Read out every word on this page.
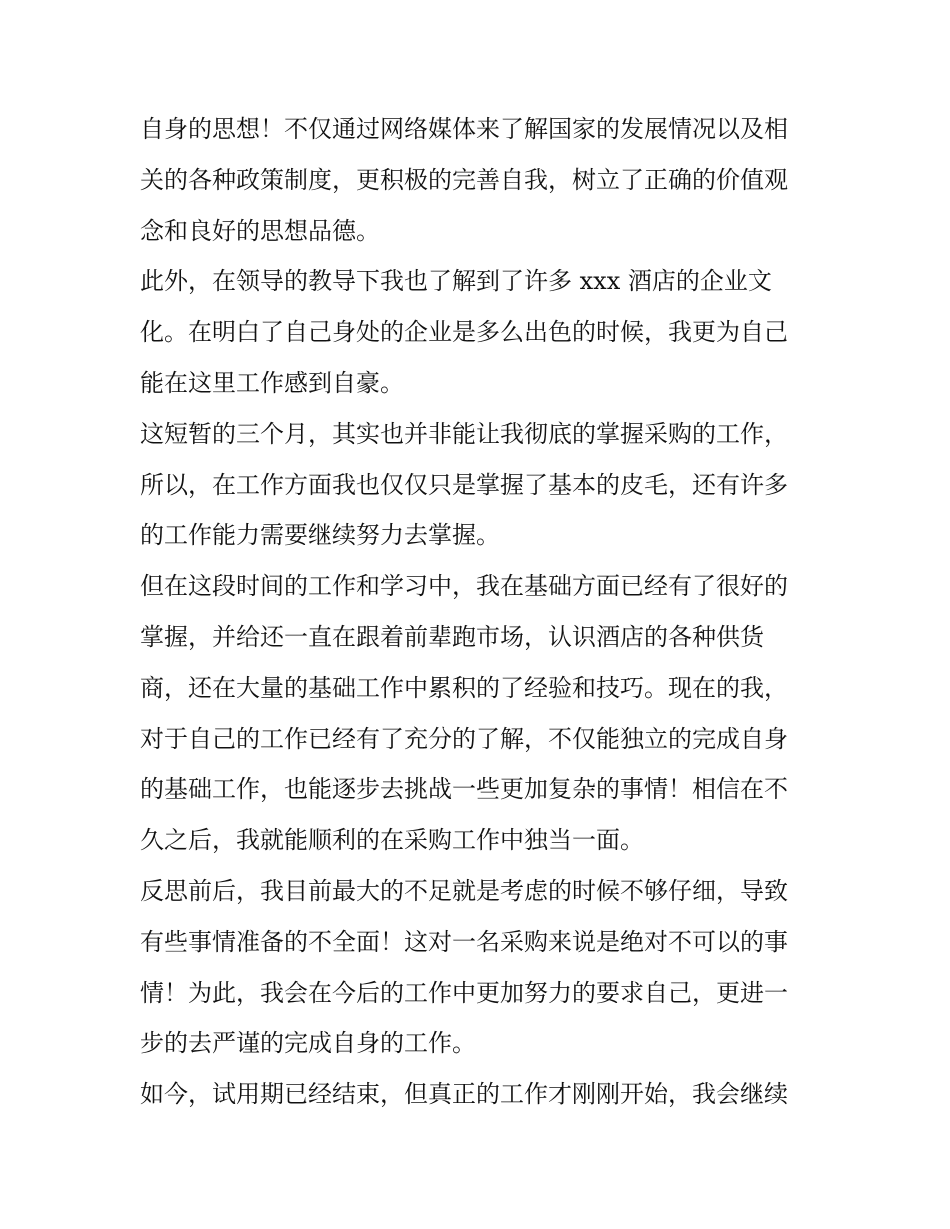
自身的思想！不仅通过网络媒体来了解国家的发展情况以及相
关的各种政策制度，更积极的完善自我，树立了正确的价值观
念和良好的思想品德。
此外，在领导的教导下我也了解到了许多 xxx 酒店的企业文
化。在明白了自己身处的企业是多么出色的时候，我更为自己
能在这里工作感到自豪。
这短暂的三个月，其实也并非能让我彻底的掌握采购的工作，
所以，在工作方面我也仅仅只是掌握了基本的皮毛，还有许多
的工作能力需要继续努力去掌握。
但在这段时间的工作和学习中，我在基础方面已经有了很好的
掌握，并给还一直在跟着前辈跑市场，认识酒店的各种供货
商，还在大量的基础工作中累积的了经验和技巧。现在的我，
对于自己的工作已经有了充分的了解，不仅能独立的完成自身
的基础工作，也能逐步去挑战一些更加复杂的事情！相信在不
久之后，我就能顺利的在采购工作中独当一面。
反思前后，我目前最大的不足就是考虑的时候不够仔细，导致
有些事情准备的不全面！这对一名采购来说是绝对不可以的事
情！为此，我会在今后的工作中更加努力的要求自己，更进一
步的去严谨的完成自身的工作。
如今，试用期已经结束，但真正的工作才刚刚开始，我会继续
